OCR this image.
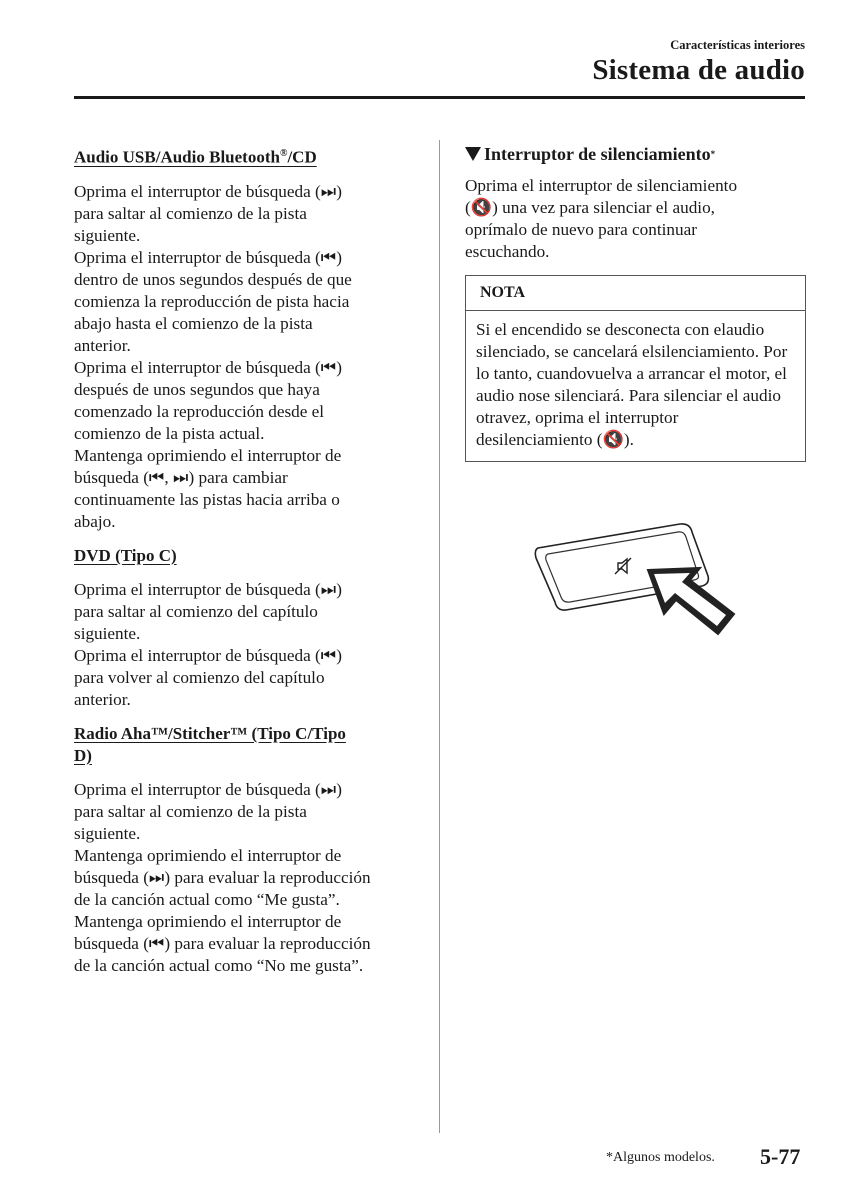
Características interiores
Sistema de audio
Audio USB/Audio Bluetooth®/CD
Oprima el interruptor de búsqueda (⏭)
para saltar al comienzo de la pista
siguiente.
Oprima el interruptor de búsqueda (⏮)
dentro de unos segundos después de que
comienza la reproducción de pista hacia
abajo hasta el comienzo de la pista
anterior.
Oprima el interruptor de búsqueda (⏮)
después de unos segundos que haya
comenzado la reproducción desde el
comienzo de la pista actual.
Mantenga oprimiendo el interruptor de
búsqueda (⏮, ⏭) para cambiar
continuamente las pistas hacia arriba o
abajo.
DVD (Tipo C)
Oprima el interruptor de búsqueda (⏭)
para saltar al comienzo del capítulo
siguiente.
Oprima el interruptor de búsqueda (⏮)
para volver al comienzo del capítulo
anterior.
Radio Aha™/Stitcher™ (Tipo C/Tipo
D)
Oprima el interruptor de búsqueda (⏭)
para saltar al comienzo de la pista
siguiente.
Mantenga oprimiendo el interruptor de
búsqueda (⏭) para evaluar la reproducción
de la canción actual como “Me gusta”.
Mantenga oprimiendo el interruptor de
búsqueda (⏮) para evaluar la reproducción
de la canción actual como “No me gusta”.
Interruptor de silenciamiento *
Oprima el interruptor de silenciamiento
(🔇) una vez para silenciar el audio,
oprímalo de nuevo para continuar
escuchando.
NOTA
Si el encendido se desconecta con elaudio silenciado, se cancelará elsilenciamiento. Por lo tanto, cuandovuelva a arrancar el motor, el audio nose silenciará. Para silenciar el audio otravez, oprima el interruptor desilenciamiento (🔇).
*Algunos modelos. 5-77
